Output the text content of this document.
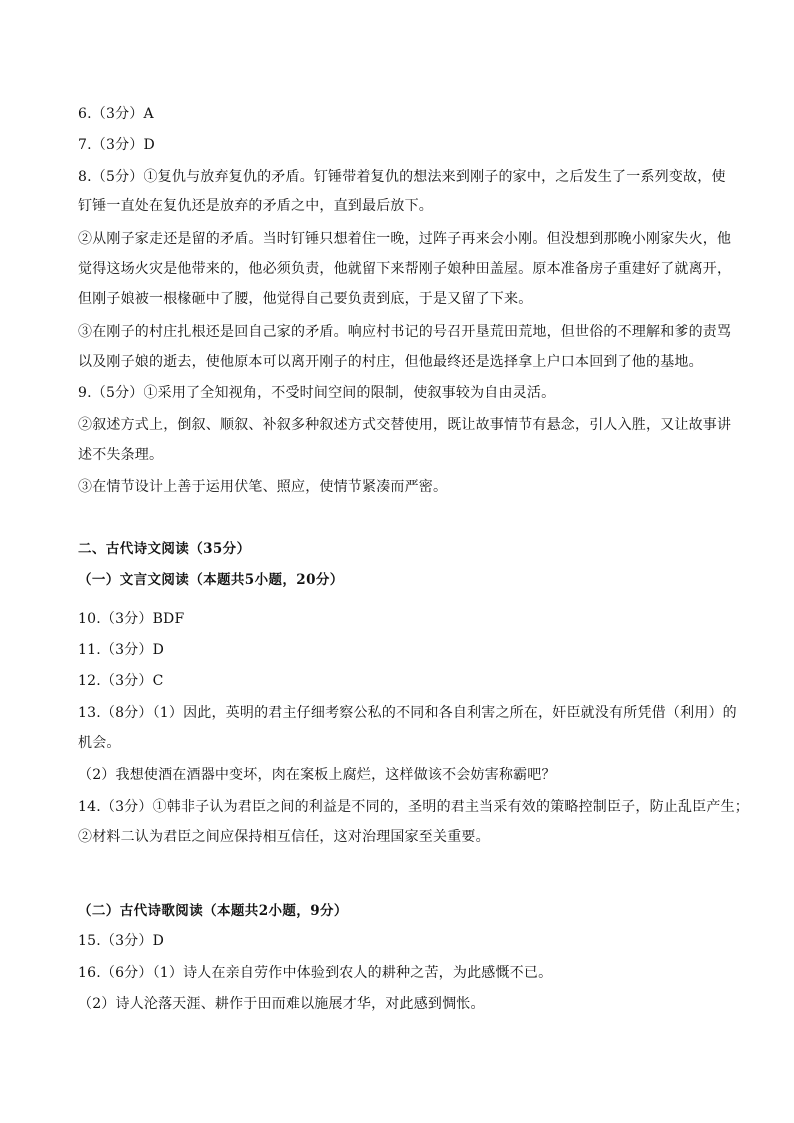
6.（3分）A
7.（3分）D
8.（5分）①复仇与放弃复仇的矛盾。钉锤带着复仇的想法来到刚子的家中，之后发生了一系列变故，使
钉锤一直处在复仇还是放弃的矛盾之中，直到最后放下。
②从刚子家走还是留的矛盾。当时钉锤只想着住一晚，过阵子再来会小刚。但没想到那晚小刚家失火，他
觉得这场火灾是他带来的，他必须负责，他就留下来帮刚子娘种田盖屋。原本准备房子重建好了就离开，
但刚子娘被一根椽砸中了腰，他觉得自己要负责到底，于是又留了下来。
③在刚子的村庄扎根还是回自己家的矛盾。响应村书记的号召开垦荒田荒地，但世俗的不理解和爹的责骂
以及刚子娘的逝去，使他原本可以离开刚子的村庄，但他最终还是选择拿上户口本回到了他的基地。
9.（5分）①采用了全知视角，不受时间空间的限制，使叙事较为自由灵活。
②叙述方式上，倒叙、顺叙、补叙多种叙述方式交替使用，既让故事情节有悬念，引人入胜，又让故事讲
述不失条理。
③在情节设计上善于运用伏笔、照应，使情节紧凑而严密。
二、古代诗文阅读（35分）
（一）文言文阅读（本题共5小题，20分）
10.（3分）BDF
11.（3分）D
12.（3分）C
13.（8分）（1）因此，英明的君主仔细考察公私的不同和各自利害之所在，奸臣就没有所凭借（利用）的
机会。
（2）我想使酒在酒器中变坏，肉在案板上腐烂，这样做该不会妨害称霸吧？
14.（3分）①韩非子认为君臣之间的利益是不同的，圣明的君主当采有效的策略控制臣子，防止乱臣产生；
②材料二认为君臣之间应保持相互信任，这对治理国家至关重要。
（二）古代诗歌阅读（本题共2小题，9分）
15.（3分）D
16.（6分）（1）诗人在亲自劳作中体验到农人的耕种之苦，为此感慨不已。
（2）诗人沦落天涯、耕作于田而难以施展才华，对此感到惆怅。
